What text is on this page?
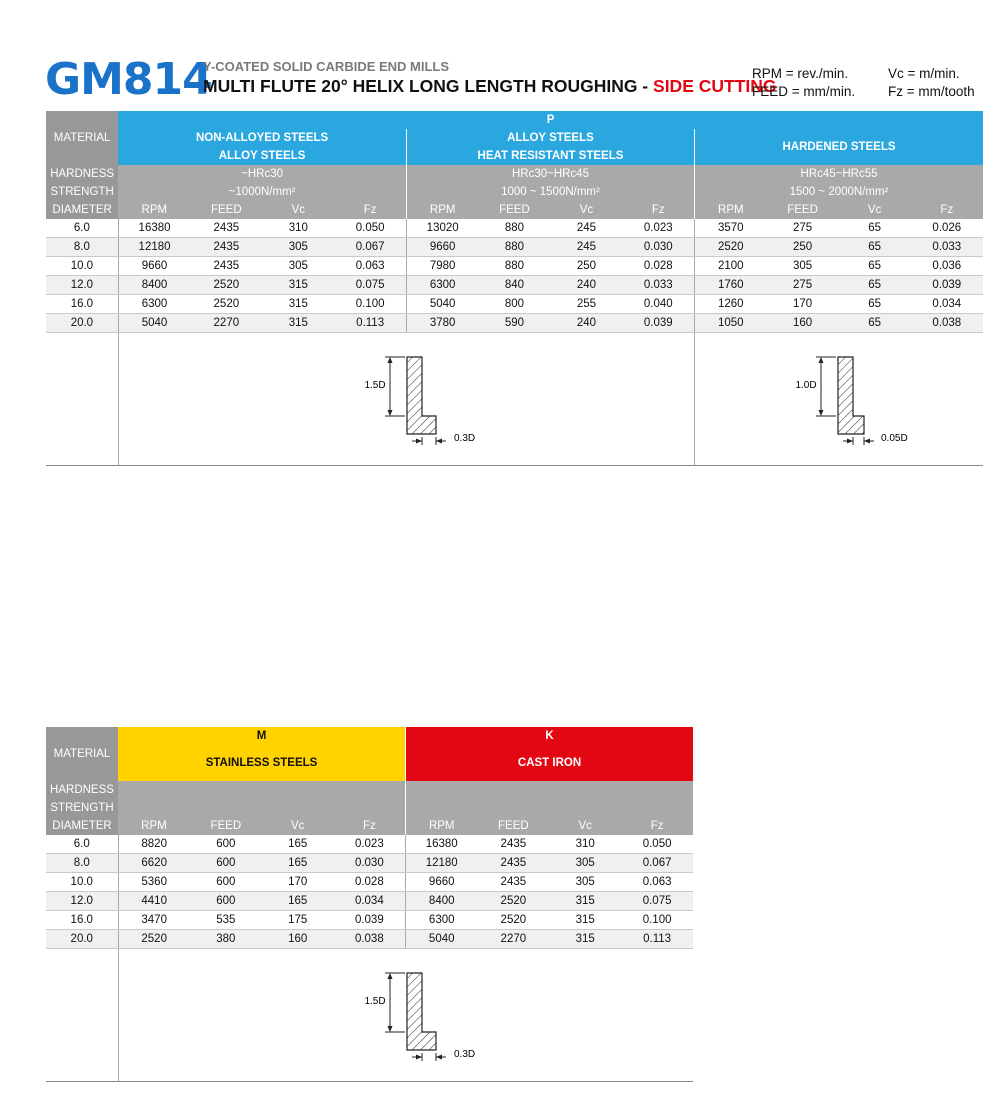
GM814
Y-COATED SOLID CARBIDE END MILLS
MULTI FLUTE 20° HELIX LONG LENGTH ROUGHING - SIDE CUTTING
RPM = rev./min.
FEED = mm/min.
Vc = m/min.
Fz = mm/tooth
MATERIAL	P											
	NON-ALLOYED STEELS
ALLOY STEELS				ALLOY STEELS
HEAT RESISTANT STEELS				HARDENED STEELS			
HARDNESS	~HRc30				HRc30~HRc45				HRc45~HRc55			
STRENGTH	~1000N/mm²				1000 ~ 1500N/mm²				1500 ~ 2000N/mm²			
DIAMETER	RPM	FEED	Vc	Fz	RPM	FEED	Vc	Fz	RPM	FEED	Vc	Fz
6.0	16380	2435	310	0.050	13020	880	245	0.023	3570	275	65	0.026
8.0	12180	2435	305	0.067	9660	880	245	0.030	2520	250	65	0.033
10.0	9660	2435	305	0.063	7980	880	250	0.028	2100	305	65	0.036
12.0	8400	2520	315	0.075	6300	840	240	0.033	1760	275	65	0.039
16.0	6300	2520	315	0.100	5040	800	255	0.040	1260	170	65	0.034
20.0	5040	2270	315	0.113	3780	590	240	0.039	1050	160	65	0.038

1.5D
0.3D								1.0D
0.05D			
MATERIAL	M				K			
	STAINLESS STEELS				CAST IRON			
HARDNESS								
STRENGTH								
DIAMETER	RPM	FEED	Vc	Fz	RPM	FEED	Vc	Fz
6.0	8820	600	165	0.023	16380	2435	310	0.050
8.0	6620	600	165	0.030	12180	2435	305	0.067
10.0	5360	600	170	0.028	9660	2435	305	0.063
12.0	4410	600	165	0.034	8400	2520	315	0.075
16.0	3470	535	175	0.039	6300	2520	315	0.100
20.0	2520	380	160	0.038	5040	2270	315	0.113

1.5D
0.3D							
